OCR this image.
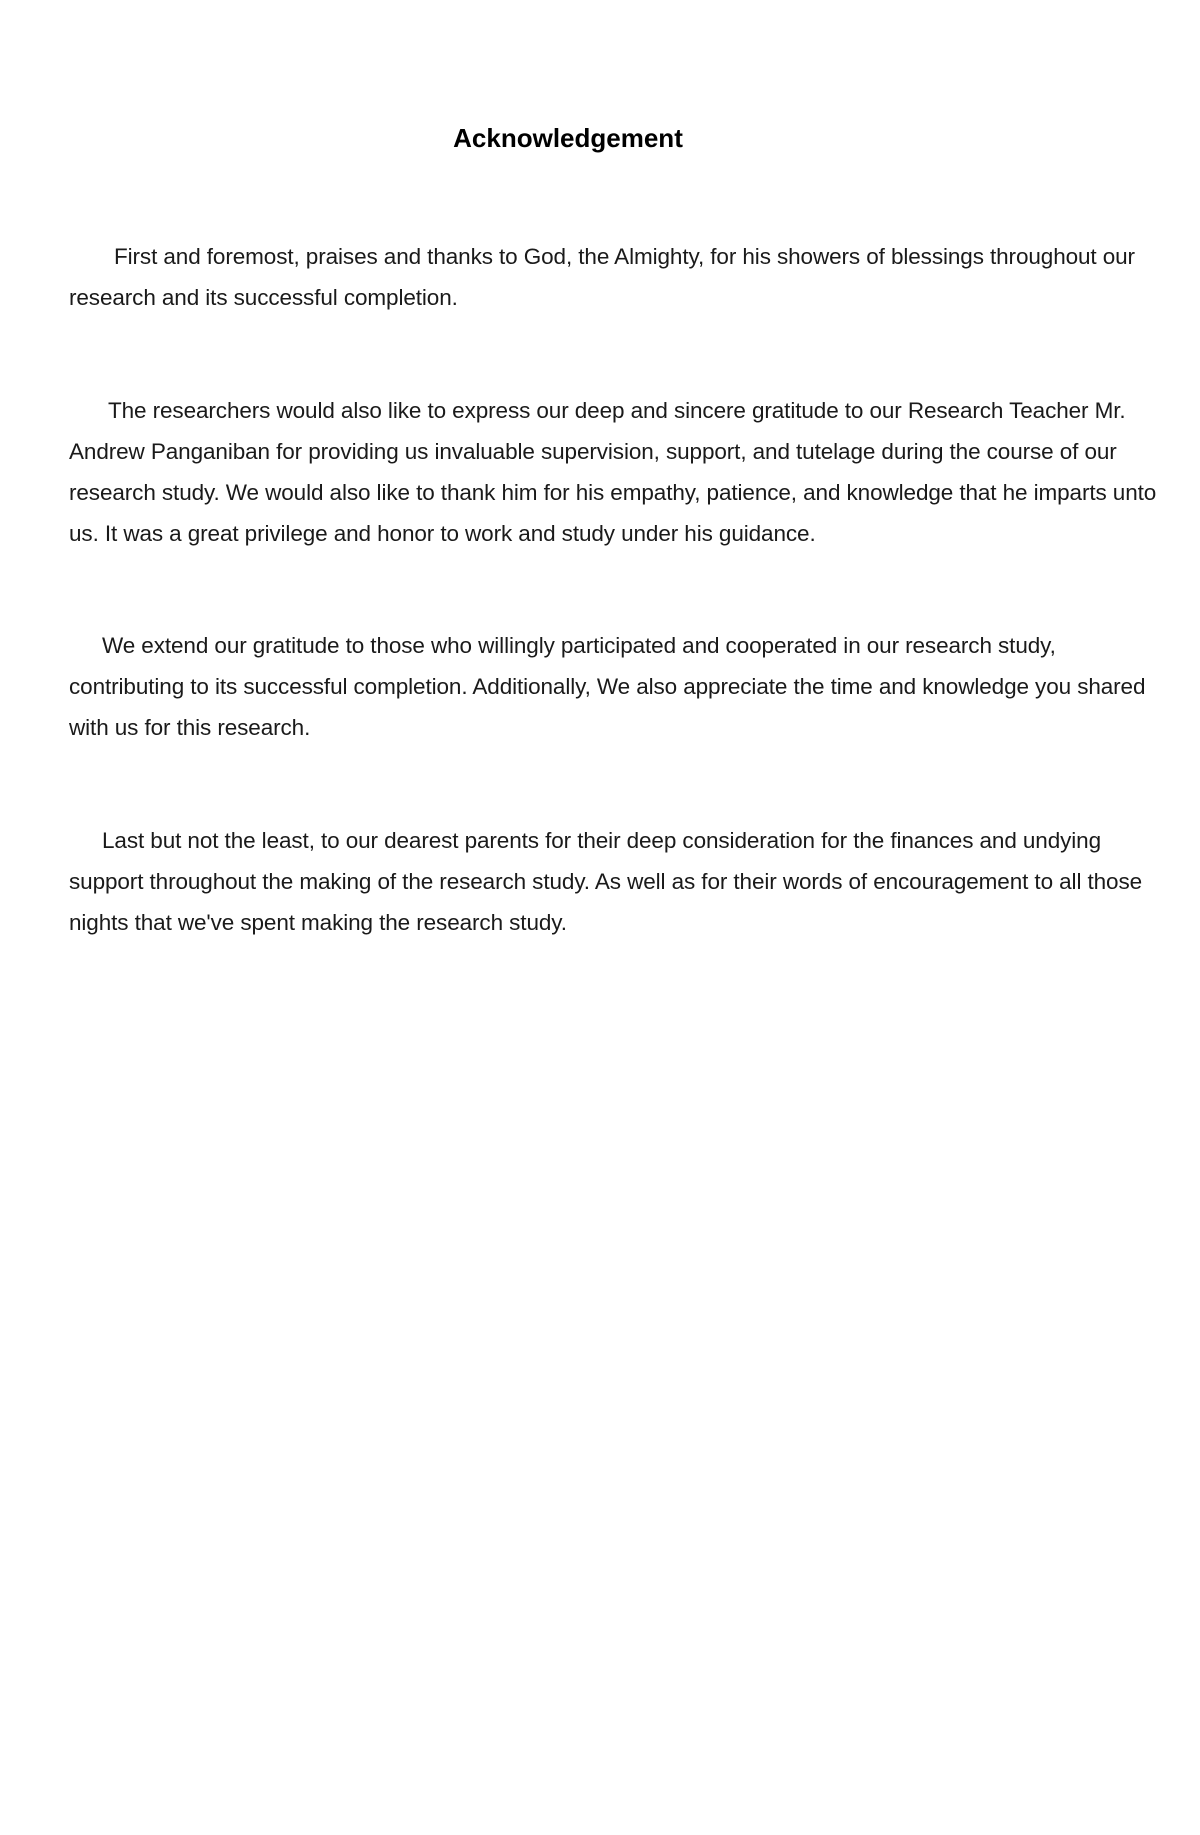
Acknowledgement

First and foremost, praises and thanks to God, the Almighty, for his showers of blessings throughout our research and its successful completion.

The researchers would also like to express our deep and sincere gratitude to our Research Teacher Mr. Andrew Panganiban for providing us invaluable supervision, support, and tutelage during the course of our research study. We would also like to thank him for his empathy, patience, and knowledge that he imparts unto us. It was a great privilege and honor to work and study under his guidance.

We extend our gratitude to those who willingly participated and cooperated in our research study, contributing to its successful completion. Additionally, We also appreciate the time and knowledge you shared with us for this research.

Last but not the least, to our dearest parents for their deep consideration for the finances and undying support throughout the making of the research study. As well as for their words of encouragement to all those nights that we've spent making the research study.
